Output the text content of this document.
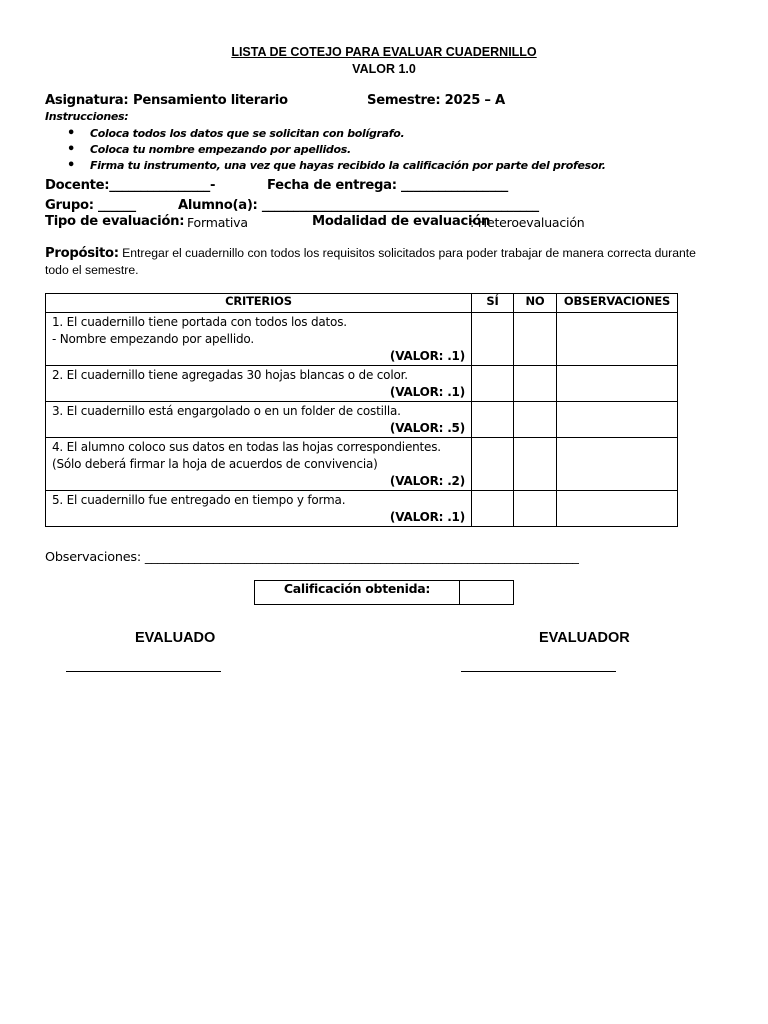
LISTA DE COTEJO PARA EVALUAR CUADERNILLO
VALOR 1.0
Asignatura: Pensamiento literario	Semestre: 2025 – A
Instrucciones:
• Coloca todos los datos que se solicitan con bolígrafo.
• Coloca tu nombre empezando por apellidos.
• Firma tu instrumento, una vez que hayas recibido la calificación por parte del profesor.
Docente:________________-	Fecha de entrega: _________________
Grupo: ______	Alumno(a): ____________________________________________
Tipo de evaluación: Formativa	Modalidad de evaluación
: Heteroevaluación
Propósito: Entregar el cuadernillo con todos los requisitos solicitados para poder trabajar de manera correcta durante todo el semestre.
CRITERIOS	SÍ	NO	OBSERVACIONES

1. El cuadernillo tiene portada con todos los datos.
- Nombre empezando por apellido.
(VALOR: .1)			

2. El cuadernillo tiene agregadas 30 hojas blancas o de color.
(VALOR: .1)			

3. El cuadernillo está engargolado o en un folder de costilla.
(VALOR: .5)			

4. El alumno coloco sus datos en todas las hojas correspondientes.
(Sólo deberá firmar la hoja de acuerdos de convivencia)
(VALOR: .2)			

5. El cuadernillo fue entregado en tiempo y forma.
(VALOR: .1)			

Observaciones: ______________________________________________________________________
Calificación obtenida:
EVALUADO	EVALUADOR
